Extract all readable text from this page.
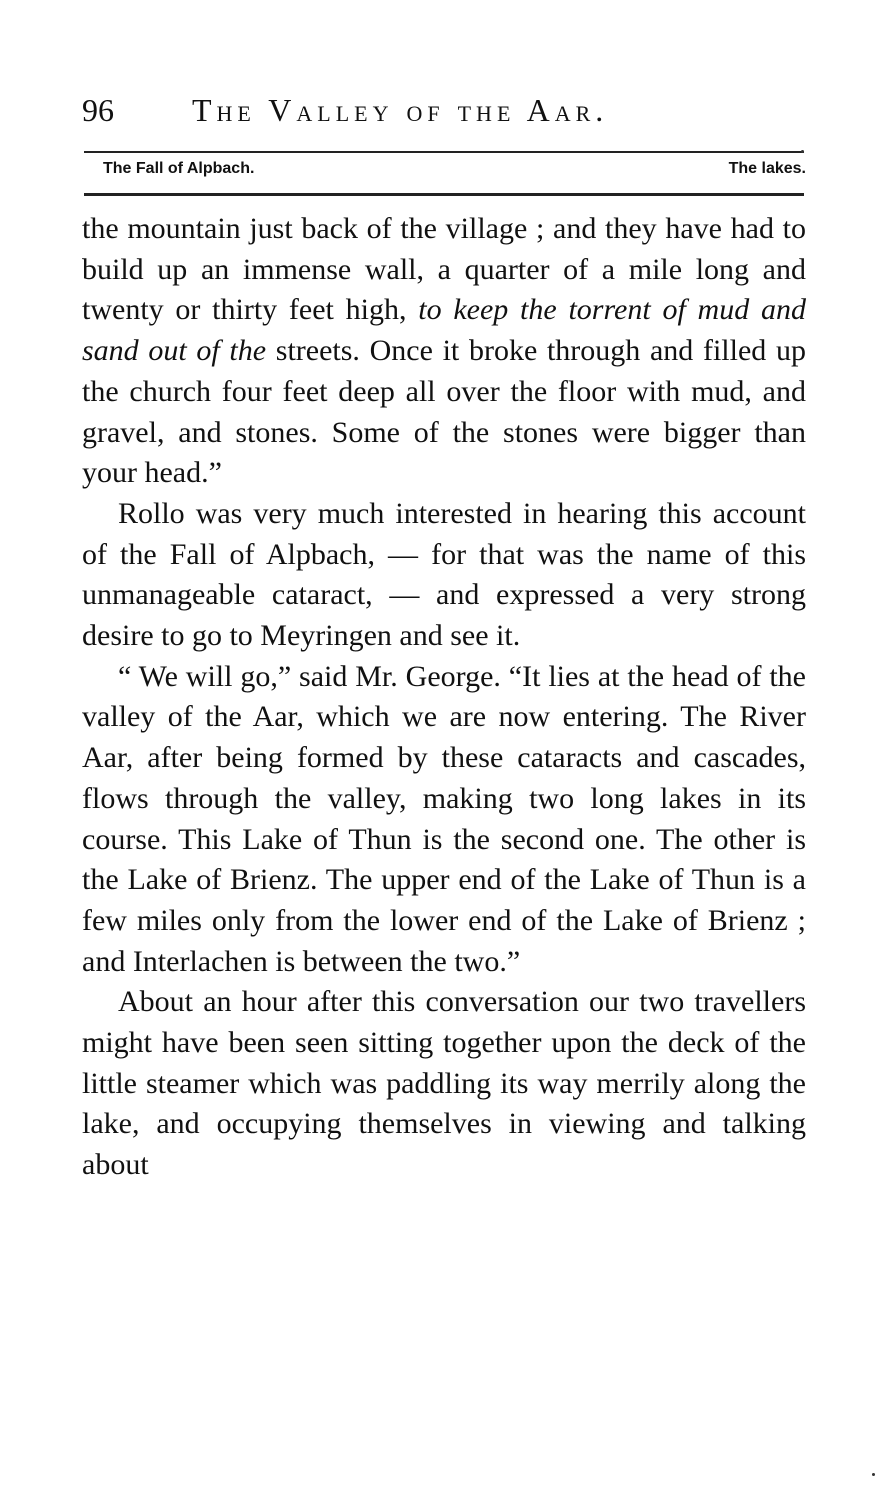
96	The Valley of the Aar.
The Fall of Alpbach.	The lakes.

the mountain just back of the village ; and they have had to build up an immense wall, a quarter of a mile long and twenty or thirty feet high, to keep the torrent of mud and sand out of the streets. Once it broke through and filled up the church four feet deep all over the floor with mud, and gravel, and stones. Some of the stones were bigger than your head.”

Rollo was very much interested in hearing this account of the Fall of Alpbach, — for that was the name of this unmanageable cataract, — and expressed a very strong desire to go to Meyringen and see it.

“ We will go,” said Mr. George. “It lies at the head of the valley of the Aar, which we are now entering. The River Aar, after being formed by these cataracts and cascades, flows through the valley, making two long lakes in its course. This Lake of Thun is the second one. The other is the Lake of Brienz. The upper end of the Lake of Thun is a few miles only from the lower end of the Lake of Brienz ; and Interlachen is between the two.”

About an hour after this conversation our two travellers might have been seen sitting together upon the deck of the little steamer which was paddling its way merrily along the lake, and occupying themselves in viewing and talking about
